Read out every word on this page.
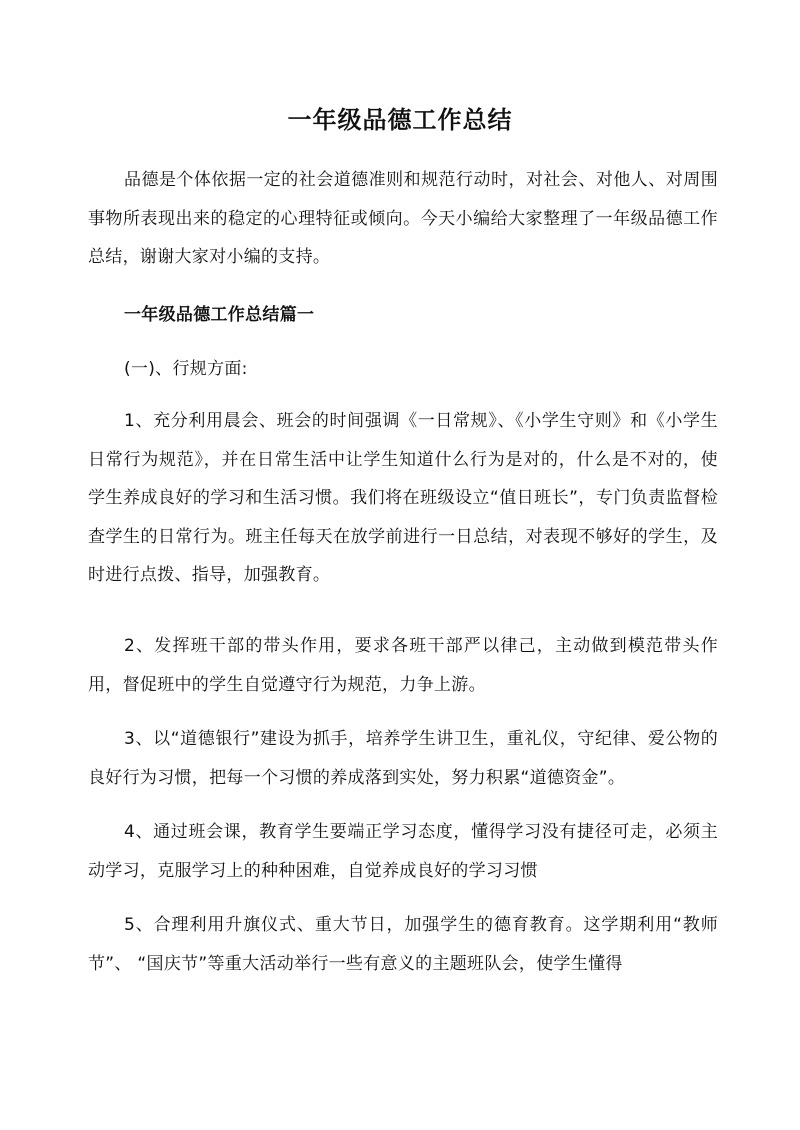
一年级品德工作总结
品德是个体依据一定的社会道德准则和规范行动时，对社会、对他人、对周围事物所表现出来的稳定的心理特征或倾向。今天小编给大家整理了一年级品德工作总结，谢谢大家对小编的支持。
一年级品德工作总结篇一
(一)、行规方面:
1、充分利用晨会、班会的时间强调《一日常规》、《小学生守则》和《小学生日常行为规范》，并在日常生活中让学生知道什么行为是对的，什么是不对的，使学生养成良好的学习和生活习惯。我们将在班级设立“值日班长”，专门负责监督检查学生的日常行为。班主任每天在放学前进行一日总结，对表现不够好的学生，及时进行点拨、指导，加强教育。
2、发挥班干部的带头作用，要求各班干部严以律己，主动做到模范带头作用，督促班中的学生自觉遵守行为规范，力争上游。
3、以“道德银行”建设为抓手，培养学生讲卫生，重礼仪，守纪律、爱公物的良好行为习惯，把每一个习惯的养成落到实处，努力积累“道德资金”。
4、通过班会课，教育学生要端正学习态度，懂得学习没有捷径可走，必须主动学习，克服学习上的种种困难，自觉养成良好的学习习惯
5、合理利用升旗仪式、重大节日，加强学生的德育教育。这学期利用“教师节”、 “国庆节”等重大活动举行一些有意义的主题班队会，使学生懂得
